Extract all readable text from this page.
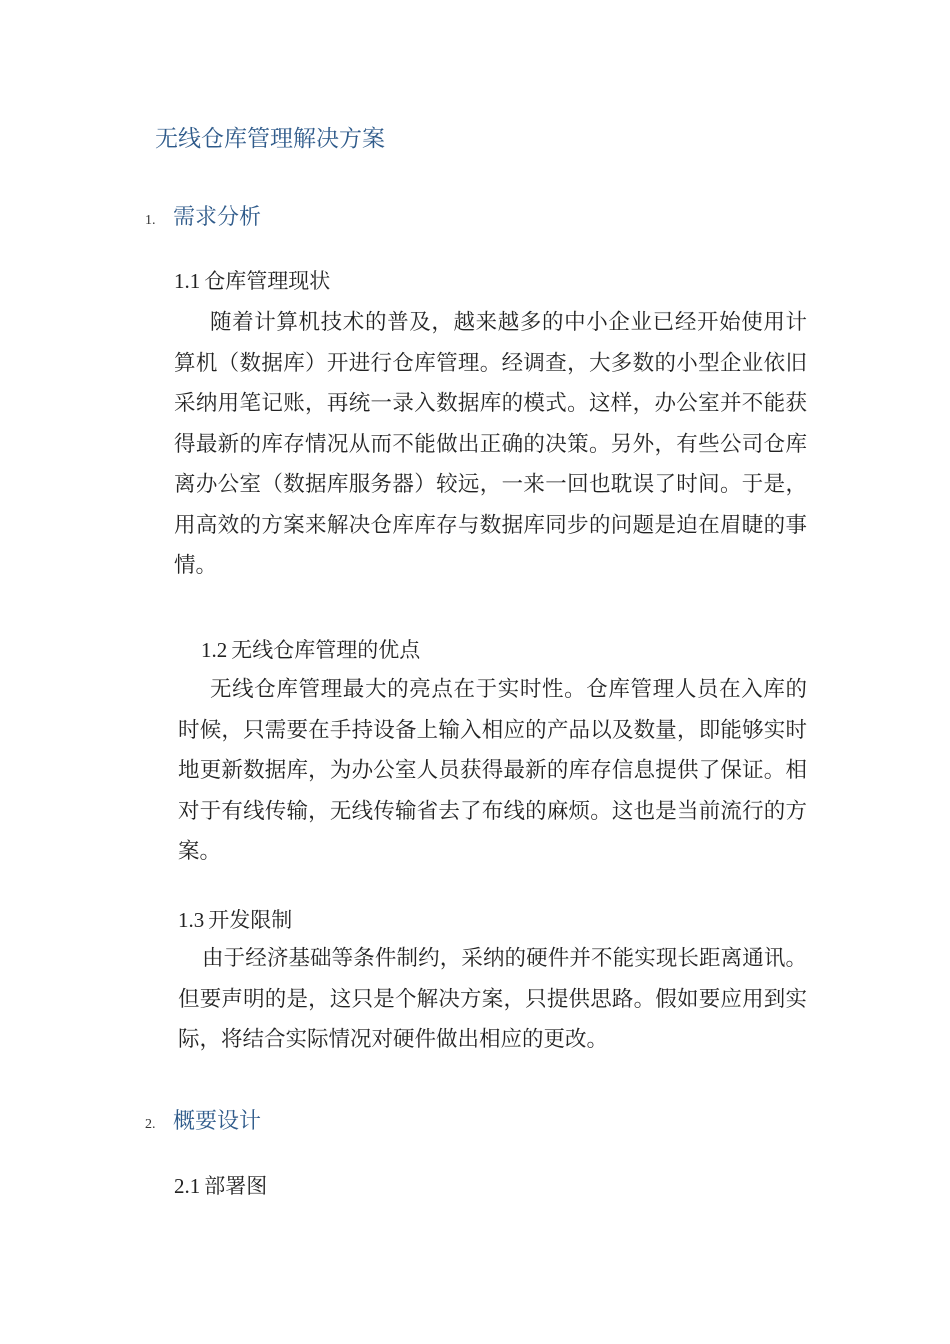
无线仓库管理解决方案
1. 需求分析
1.1 仓库管理现状

随着计算机技术的普及，越来越多的中小企业已经开始使用计算机（数据库）开进行仓库管理。经调查，大多数的小型企业依旧采纳用笔记账，再统一录入数据库的模式。这样，办公室并不能获得最新的库存情况从而不能做出正确的决策。另外，有些公司仓库离办公室（数据库服务器）较远，一来一回也耽误了时间。于是，用高效的方案来解决仓库库存与数据库同步的问题是迫在眉睫的事情。

1.2 无线仓库管理的优点

无线仓库管理最大的亮点在于实时性。仓库管理人员在入库的时候，只需要在手持设备上输入相应的产品以及数量，即能够实时地更新数据库，为办公室人员获得最新的库存信息提供了保证。相对于有线传输，无线传输省去了布线的麻烦。这也是当前流行的方案。

1.3 开发限制

由于经济基础等条件制约，采纳的硬件并不能实现长距离通讯。但要声明的是，这只是个解决方案，只提供思路。假如要应用到实际，将结合实际情况对硬件做出相应的更改。

2. 概要设计
2.1 部署图
